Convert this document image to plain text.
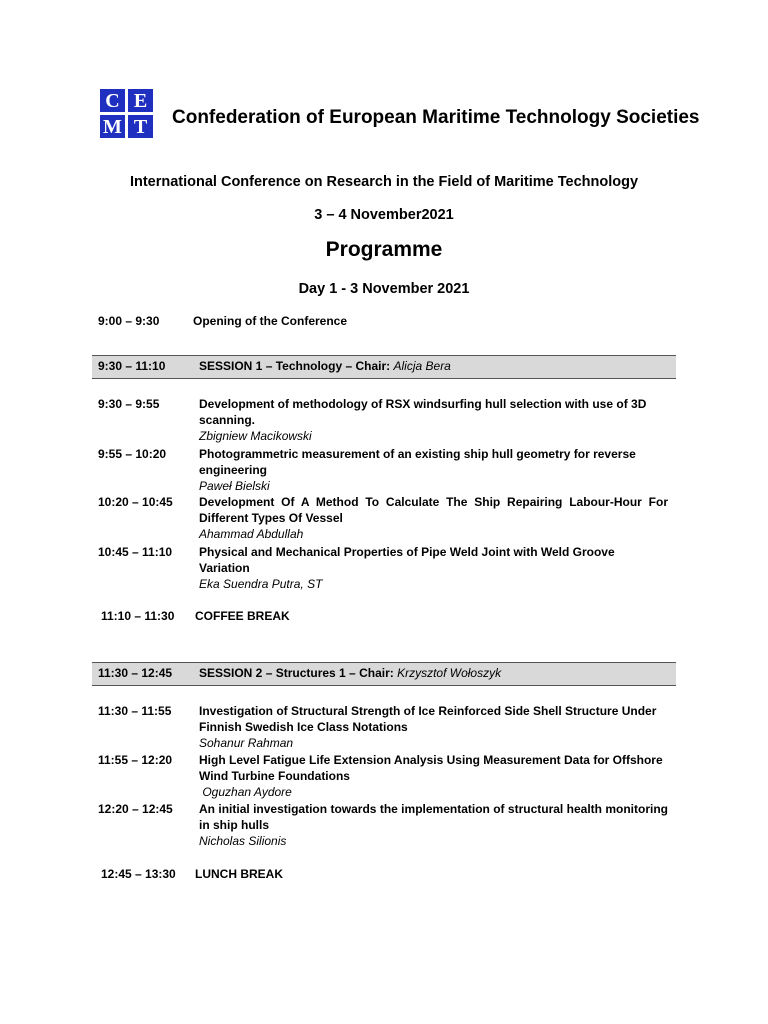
C E
M T	Confederation of European Maritime Technology Societies
International Conference on Research in the Field of Maritime Technology
3 – 4 November2021
Programme
Day 1 - 3 November 2021
9:00 – 9:30	Opening of the Conference
9:30 – 11:10	SESSION 1 – Technology – Chair: Alicja Bera
9:30 – 9:55	Development of methodology of RSX windsurfing hull selection with use of 3D scanning.
Zbigniew Macikowski
9:55 – 10:20	Photogrammetric measurement of an existing ship hull geometry for reverse engineering
Paweł Bielski
10:20 – 10:45 Development Of A Method To Calculate The Ship Repairing Labour-Hour For Different Types Of Vessel
Ahammad Abdullah
10:45 – 11:10 Physical and Mechanical Properties of Pipe Weld Joint with Weld Groove Variation
Eka Suendra Putra, ST
11:10 – 11:30 COFFEE BREAK
11:30 – 12:45 SESSION 2 – Structures 1 – Chair: Krzysztof Wołoszyk
11:30 – 11:55 Investigation of Structural Strength of Ice Reinforced Side Shell Structure Under Finnish Swedish Ice Class Notations
Sohanur Rahman
11:55 – 12:20 High Level Fatigue Life Extension Analysis Using Measurement Data for Offshore Wind Turbine Foundations
Oguzhan Aydore
12:20 – 12:45 An initial investigation towards the implementation of structural health monitoring in ship hulls
Nicholas Silionis
12:45 – 13:30 LUNCH BREAK
